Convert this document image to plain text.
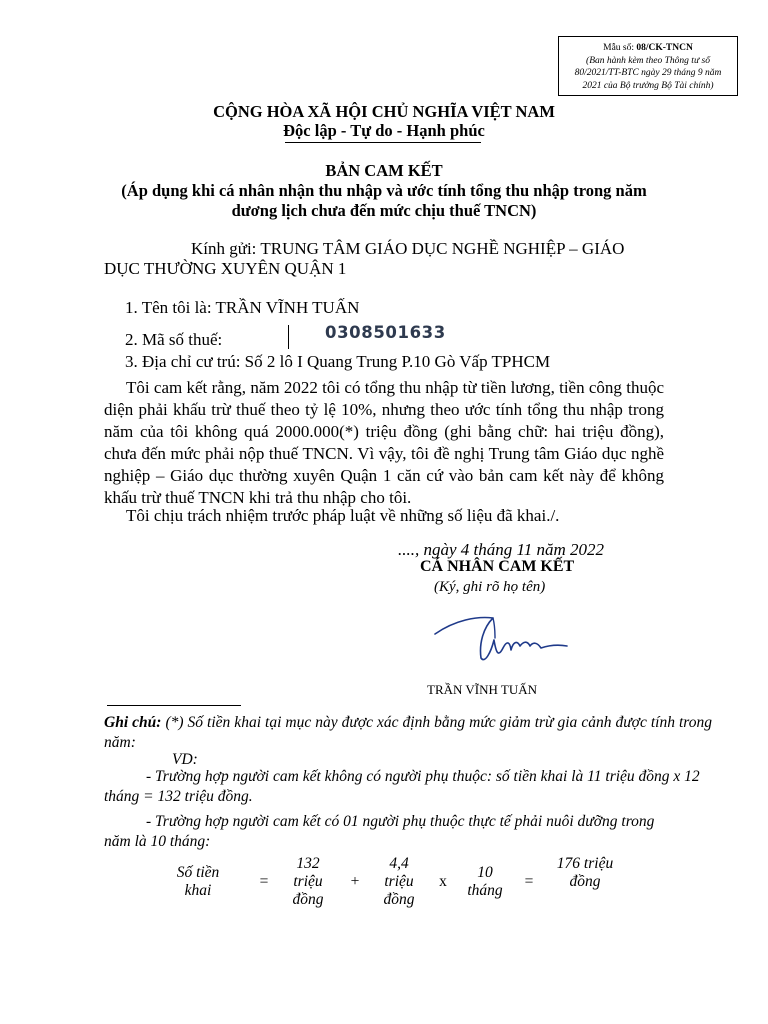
Mẫu số: 08/CK-TNCN
(Ban hành kèm theo Thông tư số
80/2021/TT-BTC ngày 29 tháng 9 năm
2021 của Bộ trưởng Bộ Tài chính)
CỘNG HÒA XÃ HỘI CHỦ NGHĨA VIỆT NAM
Độc lập - Tự do - Hạnh phúc
BẢN CAM KẾT
(Áp dụng khi cá nhân nhận thu nhập và ước tính tổng thu nhập trong năm
dương lịch chưa đến mức chịu thuế TNCN)
Kính gửi: TRUNG TÂM GIÁO DỤC NGHỀ NGHIỆP – GIÁO
DỤC THƯỜNG XUYÊN QUẬN 1
1. Tên tôi là: TRẦN VĨNH TUẤN
2. Mã số thuế:	0308501633
3. Địa chỉ cư trú: Số 2 lô I Quang Trung P.10 Gò Vấp TPHCM
Tôi cam kết rằng, năm 2022 tôi có tổng thu nhập từ tiền lương, tiền công thuộc diện phải khấu trừ thuế theo tỷ lệ 10%, nhưng theo ước tính tổng thu nhập trong năm của tôi không quá 2000.000(*) triệu đồng (ghi bằng chữ: hai triệu đồng), chưa đến mức phải nộp thuế TNCN. Vì vậy, tôi đề nghị Trung tâm Giáo dục nghề nghiệp – Giáo dục thường xuyên Quận 1 căn cứ vào bản cam kết này để không khấu trừ thuế TNCN khi trả thu nhập cho tôi.
Tôi chịu trách nhiệm trước pháp luật về những số liệu đã khai./.
...., ngày 4 tháng 11 năm 2022
CÁ NHÂN CAM KẾT
(Ký, ghi rõ họ tên)
TRẦN VĨNH TUẤN
Ghi chú: (*) Số tiền khai tại mục này được xác định bằng mức giảm trừ gia cảnh được tính trong năm:
VD:
- Trường hợp người cam kết không có người phụ thuộc: số tiền khai là 11 triệu đồng x 12 tháng = 132 triệu đồng.
- Trường hợp người cam kết có 01 người phụ thuộc thực tế phải nuôi dưỡng trong năm là 10 tháng:
Số tiền
khai
=
132
triệu
đồng
+
4,4
triệu
đồng
x
10
tháng
=
176 triệu
đồng
